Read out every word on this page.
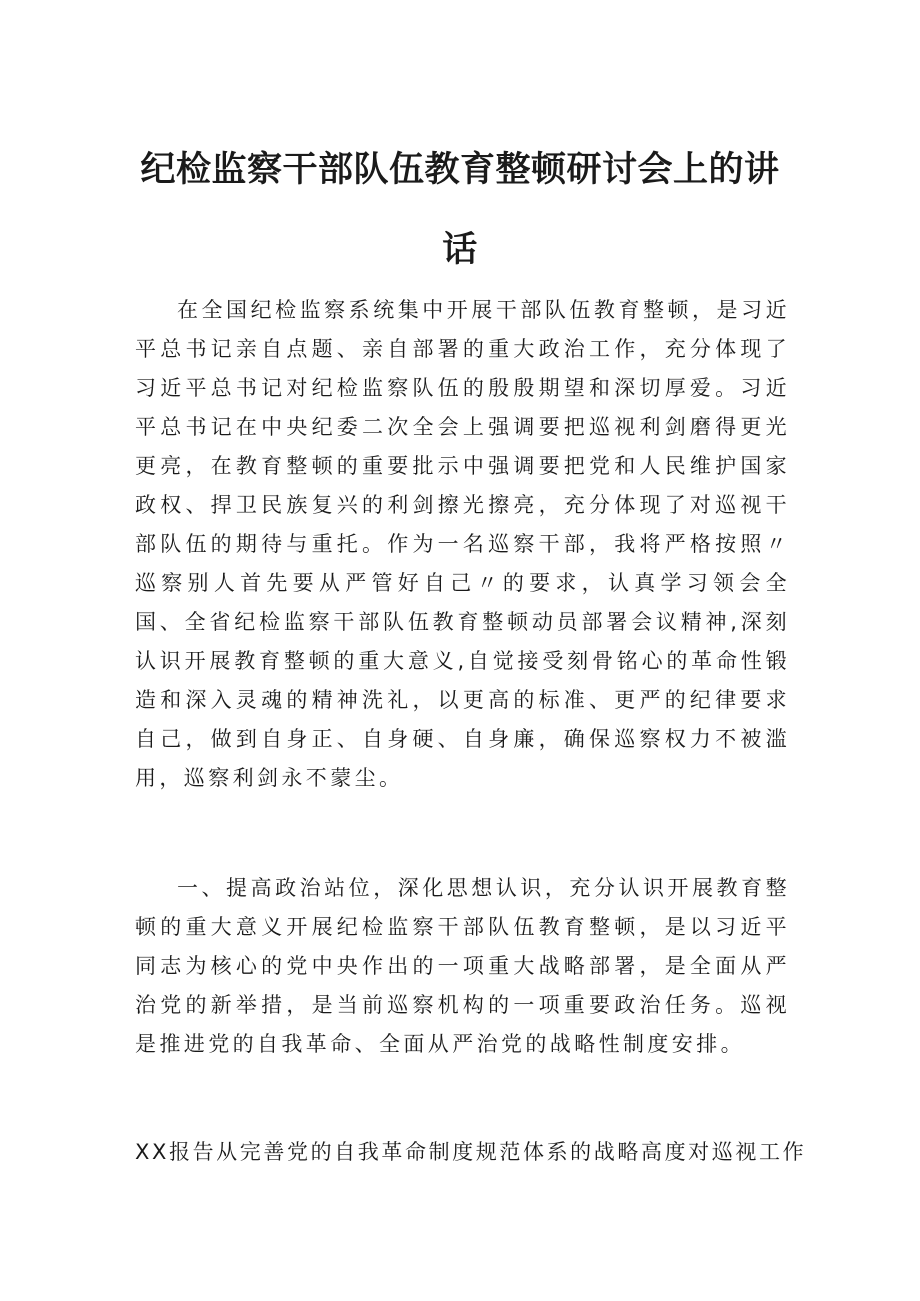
纪检监察干部队伍教育整顿研讨会上的讲
话

在全国纪检监察系统集中开展干部队伍教育整顿，是习近平总书记亲自点题、亲自部署的重大政治工作，充分体现了习近平总书记对纪检监察队伍的殷殷期望和深切厚爱。习近平总书记在中央纪委二次全会上强调要把巡视利剑磨得更光更亮，在教育整顿的重要批示中强调要把党和人民维护国家政权、捍卫民族复兴的利剑擦光擦亮，充分体现了对巡视干部队伍的期待与重托。作为一名巡察干部，我将严格按照〃巡察别人首先要从严管好自己〃的要求，认真学习领会全国、全省纪检监察干部队伍教育整顿动员部署会议精神,深刻认识开展教育整顿的重大意义,自觉接受刻骨铭心的革命性锻造和深入灵魂的精神洗礼，以更高的标准、更严的纪律要求自己，做到自身正、自身硬、自身廉，确保巡察权力不被滥用，巡察利剑永不蒙尘。

一、提高政治站位，深化思想认识，充分认识开展教育整顿的重大意义开展纪检监察干部队伍教育整顿，是以习近平同志为核心的党中央作出的一项重大战略部署，是全面从严治党的新举措，是当前巡察机构的一项重要政治任务。巡视是推进党的自我革命、全面从严治党的战略性制度安排。

XX报告从完善党的自我革命制度规范体系的战略高度对巡视工作
